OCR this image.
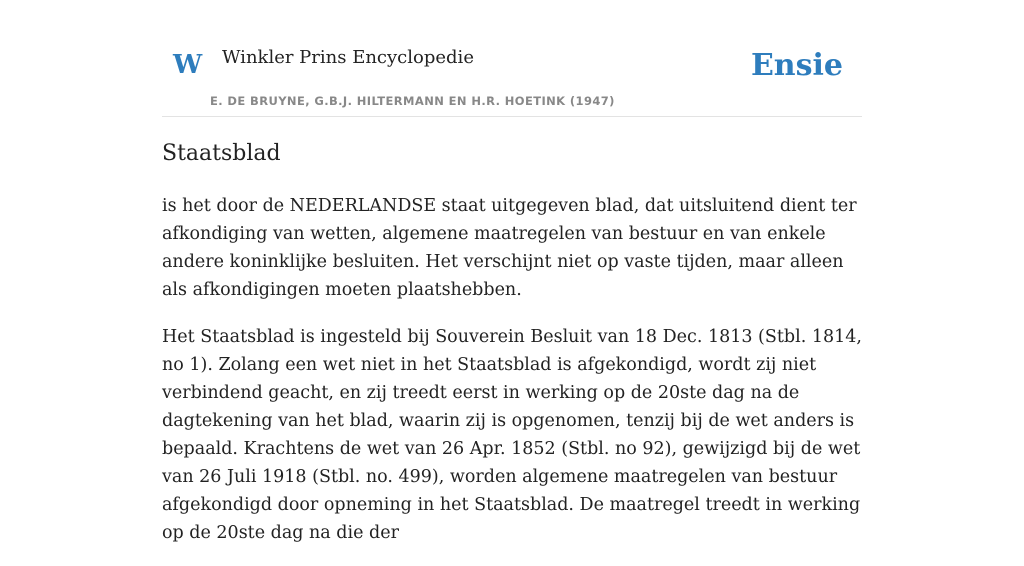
W Winkler Prins Encyclopedie
E. DE BRUYNE, G.B.J. HILTERMANN EN H.R. HOETINK (1947)
Ensie
Staatsblad

is het door de NEDERLANDSE staat uitgegeven blad, dat uitsluitend dient ter afkondiging van wetten, algemene maatregelen van bestuur en van enkele andere koninklijke besluiten. Het verschijnt niet op vaste tijden, maar alleen als afkondigingen moeten plaatshebben.

Het Staatsblad is ingesteld bij Souverein Besluit van 18 Dec. 1813 (Stbl. 1814, no 1). Zolang een wet niet in het Staatsblad is afgekondigd, wordt zij niet verbindend geacht, en zij treedt eerst in werking op de 20ste dag na de dagtekening van het blad, waarin zij is opgenomen, tenzij bij de wet anders is bepaald. Krachtens de wet van 26 Apr. 1852 (Stbl. no 92), gewijzigd bij de wet van 26 Juli 1918 (Stbl. no. 499), worden algemene maatregelen van bestuur afgekondigd door opneming in het Staatsblad. De maatregel treedt in werking op de 20ste dag na die der
